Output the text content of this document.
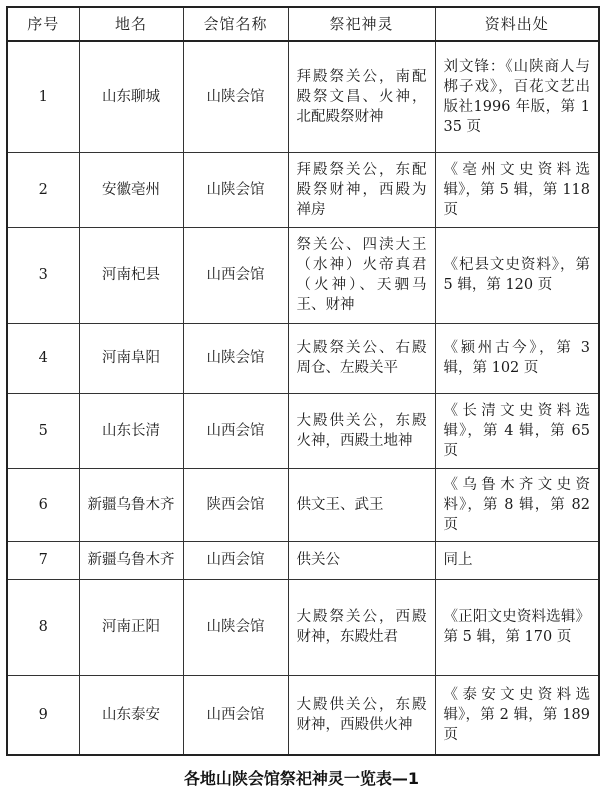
序号	地名	会馆名称	祭祀神灵	资料出处
1	山东聊城	山陕会馆	拜殿祭关公，南配殿祭文昌、火神，北配殿祭财神	刘文锋：《山陕商人与梆子戏》，百花文艺出版社1996 年版，第 135 页
2	安徽亳州	山陕会馆	拜殿祭关公，东配殿祭财神，西殿为禅房	《亳州文史资料选辑》，第 5 辑，第 118 页
3	河南杞县	山西会馆	祭关公、四渎大王（水神）火帝真君（火神）、天驷马王、财神	《杞县文史资料》，第 5 辑，第 120 页
4	河南阜阳	山陕会馆	大殿祭关公、右殿周仓、左殿关平	《颍州古今》，第 3 辑，第 102 页
5	山东长清	山西会馆	大殿供关公，东殿火神，西殿土地神	《长清文史资料选辑》，第 4 辑，第 65 页
6	新疆乌鲁木齐	陕西会馆	供文王、武王	《乌鲁木齐文史资料》，第 8 辑，第 82 页
7	新疆乌鲁木齐	山西会馆	供关公	同上
8	河南正阳	山陕会馆	大殿祭关公，西殿财神，东殿灶君	《正阳文史资料选辑》第 5 辑，第 170 页
9	山东泰安	山西会馆	大殿供关公，东殿财神，西殿供火神	《泰安文史资料选辑》，第 2 辑，第 189 页
各地山陕会馆祭祀神灵一览表—1
